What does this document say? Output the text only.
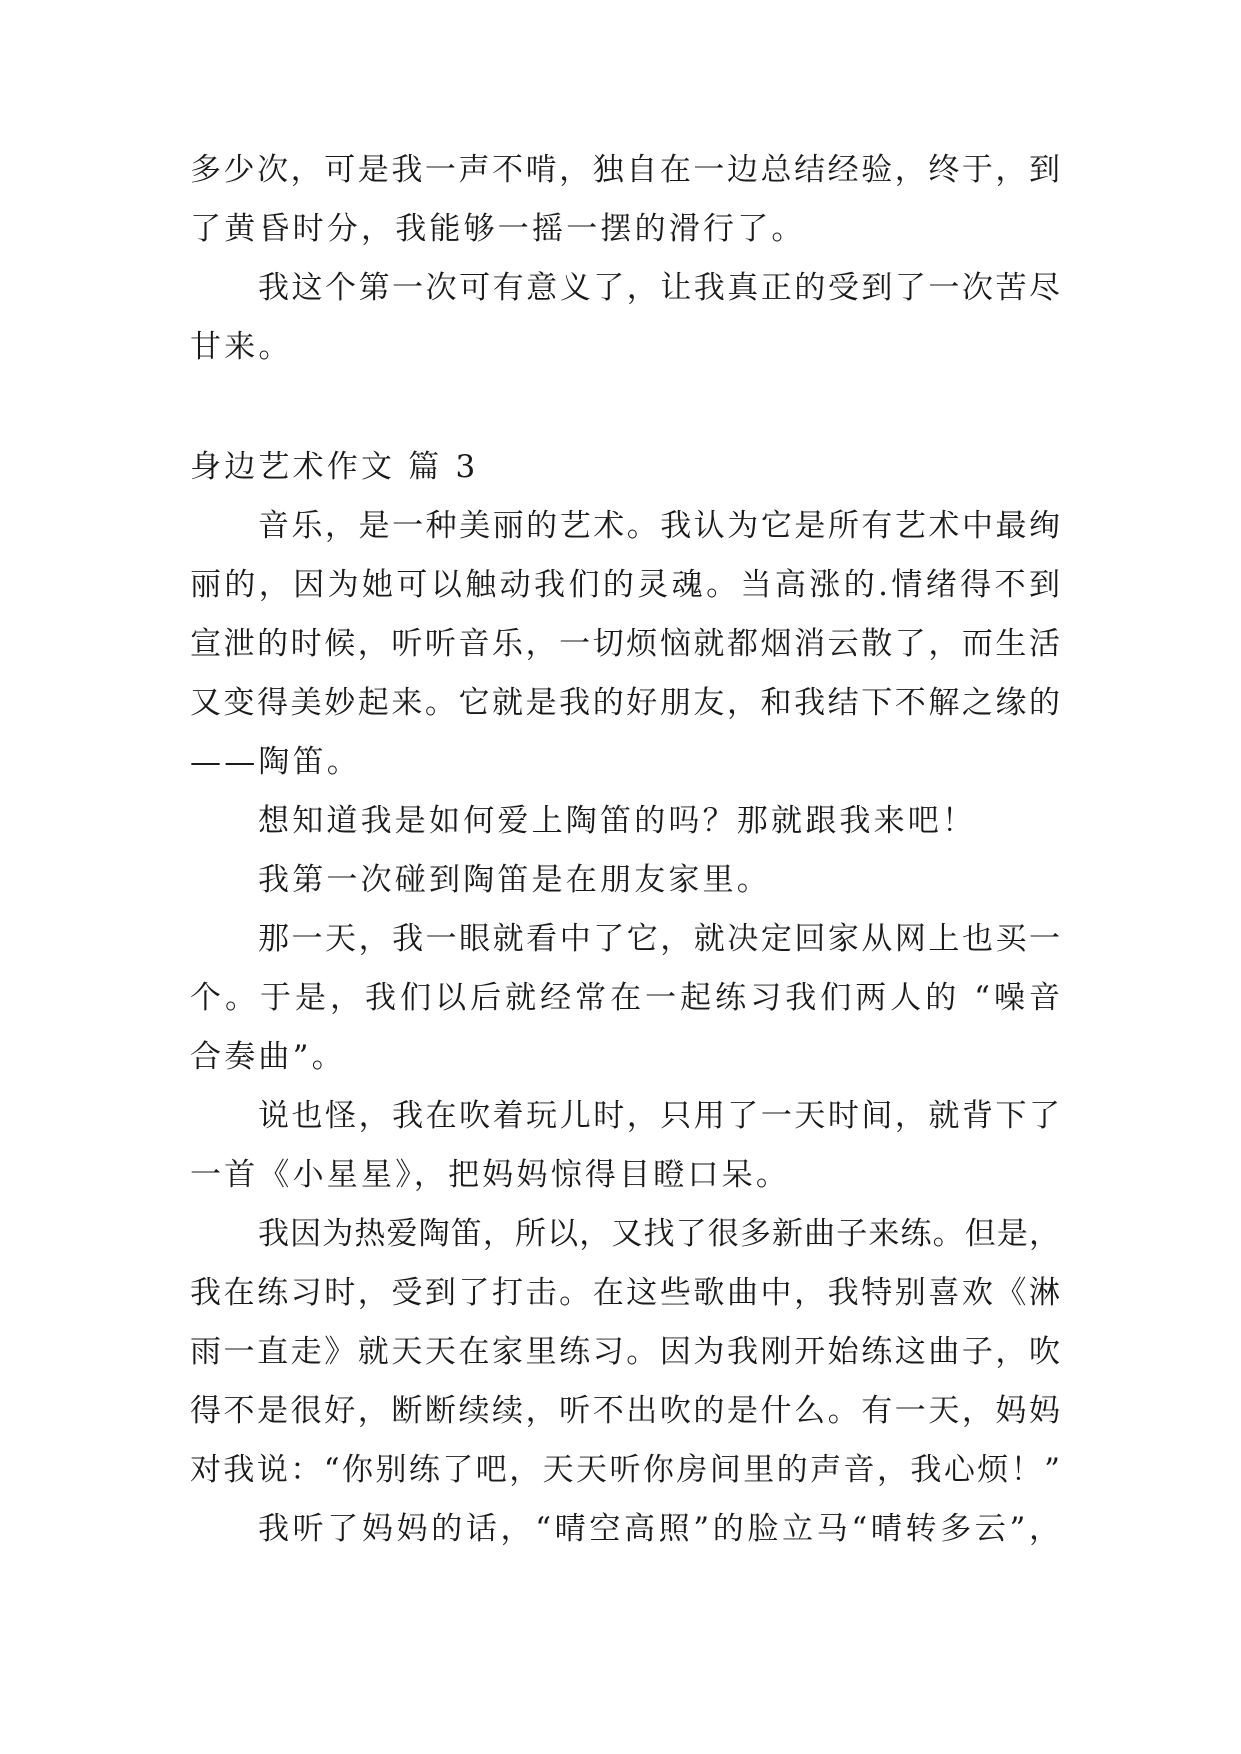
多少次，可是我一声不啃，独自在一边总结经验，终于，到
了黄昏时分，我能够一摇一摆的滑行了。
我这个第一次可有意义了，让我真正的受到了一次苦尽
甘来。
身边艺术作文 篇 3
音乐，是一种美丽的艺术。我认为它是所有艺术中最绚
丽的，因为她可以触动我们的灵魂。当高涨的.情绪得不到
宣泄的时候，听听音乐，一切烦恼就都烟消云散了，而生活
又变得美妙起来。它就是我的好朋友，和我结下不解之缘的
——陶笛。
想知道我是如何爱上陶笛的吗？那就跟我来吧！
我第一次碰到陶笛是在朋友家里。
那一天，我一眼就看中了它，就决定回家从网上也买一
个。于是，我们以后就经常在一起练习我们两人的 “噪音
合奏曲”。
说也怪，我在吹着玩儿时，只用了一天时间，就背下了
一首《小星星》，把妈妈惊得目瞪口呆。
我因为热爱陶笛，所以，又找了很多新曲子来练。但是，
我在练习时，受到了打击。在这些歌曲中，我特别喜欢《淋
雨一直走》就天天在家里练习。因为我刚开始练这曲子，吹
得不是很好，断断续续，听不出吹的是什么。有一天，妈妈
对我说：“你别练了吧，天天听你房间里的声音，我心烦！”
我听了妈妈的话，“晴空高照”的脸立马“晴转多云”，
